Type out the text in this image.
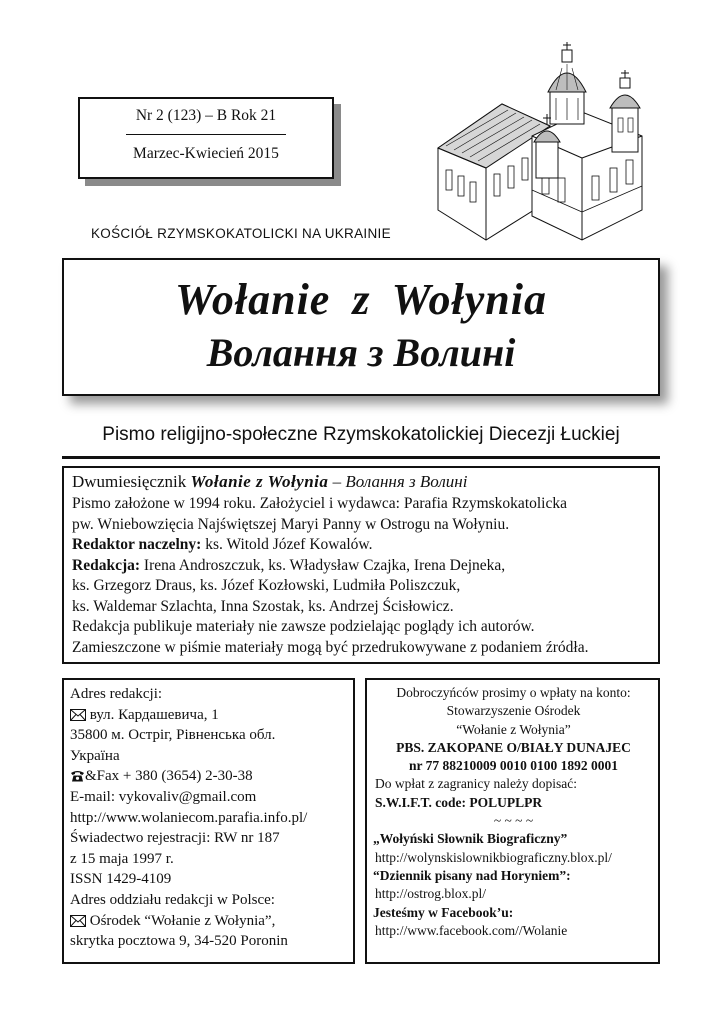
Nr 2 (123) – B Rok 21
Marzec-Kwiecień 2015
KOŚCIÓŁ RZYMSKOKATOLICKI NA UKRAINIE
Wołanie z Wołynia
Волання з Волині
Pismo religijno-społeczne Rzymskokatolickiej Diecezji Łuckiej
Dwumiesięcznik Wołanie z Wołynia – Волання з Волині
Pismo założone w 1994 roku. Założyciel i wydawca: Parafia Rzymskokatolicka
pw. Wniebowzięcia Najświętszej Maryi Panny w Ostrogu na Wołyniu.
Redaktor naczelny: ks. Witold Józef Kowalów.
Redakcja: Irena Androszczuk, ks. Władysław Czajka, Irena Dejneka,
ks. Grzegorz Draus, ks. Józef Kozłowski, Ludmiła Poliszczuk,
ks. Waldemar Szlachta, Inna Szostak, ks. Andrzej Ścisłowicz.
Redakcja publikuje materiały nie zawsze podzielając poglądy ich autorów.
Zamieszczone w piśmie materiały mogą być przedrukowywane z podaniem źródła.
Adres redakcji:
вул. Кардашевича, 1
35800 м. Остріг, Рівненська обл.
Україна
&Fax + 380 (3654) 2-30-38
E-mail: vykovaliv@gmail.com
http://www.wolaniecom.parafia.info.pl/
Świadectwo rejestracji: RW nr 187
z 15 maja 1997 r.
ISSN 1429-4109
Adres oddziału redakcji w Polsce:
Ośrodek “Wołanie z Wołynia”,
skrytka pocztowa 9, 34-520 Poronin
Dobroczyńców prosimy o wpłaty na konto:
Stowarzyszenie Ośrodek
“Wołanie z Wołynia”
PBS. ZAKOPANE O/BIAŁY DUNAJEC
nr 77 88210009 0010 0100 1892 0001
Do wpłat z zagranicy należy dopisać:
S.W.I.F.T. code: POLUPLPR
~ ~ ~ ~
„Wołyński Słownik Biograficzny”
http://wolynskislownikbiograficzny.blox.pl/
“Dziennik pisany nad Horyniem”:
http://ostrog.blox.pl/
Jesteśmy w Facebook’u:
http://www.facebook.com//Wolanie
